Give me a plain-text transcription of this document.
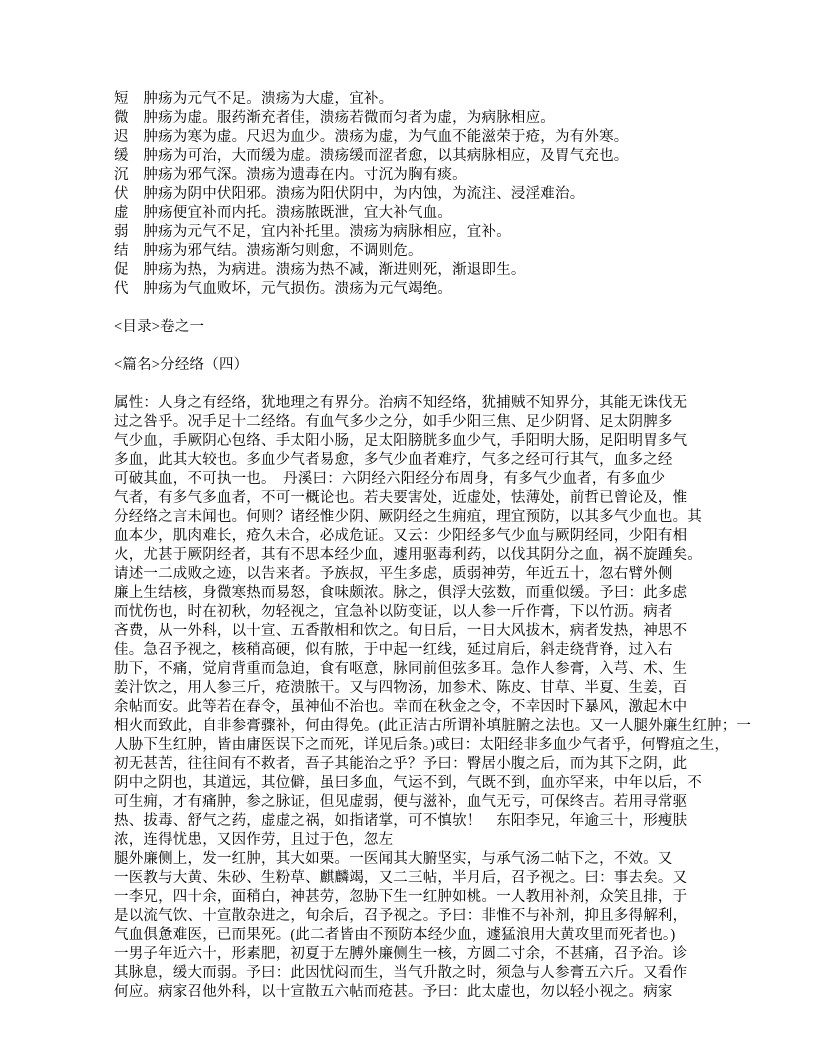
短　肿疡为元气不足。溃疡为大虚，宜补。
微　肿疡为虚。服药渐充者佳，溃疡若微而匀者为虚，为病脉相应。
迟　肿疡为寒为虚。尺迟为血少。溃疡为虚，为气血不能滋荣于疮，为有外寒。
缓　肿疡为可治，大而缓为虚。溃疡缓而涩者愈，以其病脉相应，及胃气充也。
沉　肿疡为邪气深。溃疡为遗毒在内。寸沉为胸有痰。
伏　肿疡为阴中伏阳邪。溃疡为阳伏阴中，为内蚀，为流注、浸淫难治。
虚　肿疡便宜补而内托。溃疡脓既泄，宜大补气血。
弱　肿疡为元气不足，宜内补托里。溃疡为病脉相应，宜补。
结　肿疡为邪气结。溃疡渐匀则愈，不调则危。
促　肿疡为热，为病进。溃疡为热不减，渐进则死，渐退即生。
代　肿疡为气血败坏，元气损伤。溃疡为元气竭绝。
<目录>卷之一
<篇名>分经络（四）
属性：人身之有经络，犹地理之有界分。治病不知经络，犹捕贼不知界分，其能无诛伐无
过之咎乎。况手足十二经络。有血气多少之分，如手少阳三焦、足少阴肾、足太阴脾多
气少血，手厥阴心包络、手太阳小肠，足太阳膀胱多血少气，手阳明大肠，足阳明胃多气
多血，此其大较也。多血少气者易愈，多气少血者难疗，气多之经可行其气，血多之经
可破其血，不可执一也。　丹溪曰：六阴经六阳经分布周身，有多气少血者，有多血少
气者，有多气多血者，不可一概论也。若夫要害处，近虚处，怯薄处，前哲已曾论及，惟
分经络之言未闻也。何则？诸经惟少阴、厥阴经之生痈疽，理宜预防，以其多气少血也。其
血本少，肌肉难长，疮久未合，必成危证。又云：少阳经多气少血与厥阴经同，少阳有相
火，尤甚于厥阴经者，其有不思本经少血，遽用驱毒利药，以伐其阴分之血，祸不旋踵矣。
请述一二成败之迹，以告来者。予族叔，平生多虑，质弱神劳，年近五十，忽右臂外侧
廉上生结核，身微寒热而易怒，食味颇浓。脉之，俱浮大弦数，而重似缓。予曰：此多虑
而忧伤也，时在初秋，勿轻视之，宜急补以防变证，以人参一斤作膏，下以竹沥。病者
吝费，从一外科，以十宣、五香散相和饮之。旬日后，一日大风拔木，病者发热，神思不
佳。急召予视之，核稍高硬，似有脓，于中起一红线，延过肩后，斜走绕背脊，过入右
肋下，不痛，觉肩背重而急迫，食有呕意，脉同前但弦多耳。急作人参膏，入芎、术、生
姜汁饮之，用人参三斤，疮溃脓干。又与四物汤，加参术、陈皮、甘草、半夏、生姜，百
余帖而安。此等若在春令，虽神仙不治也。幸而在秋金之令，不幸因时下暴风，激起木中
相火而致此，自非参膏骤补，何由得免。(此正洁古所谓补填脏腑之法也。又一人腿外廉生红肿；一
人胁下生红肿，皆由庸医误下之而死，详见后条。)或曰：太阳经非多血少气者乎，何臀疽之生，
初无甚苦，往往间有不救者，吾子其能治之乎？予曰：臀居小腹之后，而为其下之阴，此
阴中之阴也，其道远，其位僻，虽曰多血，气运不到，气既不到，血亦罕来，中年以后，不
可生痈，才有痛肿，参之脉证，但见虚弱，便与滋补，血气无亏，可保终吉。若用寻常驱
热、拔毒、舒气之药，虚虚之祸，如指诸掌，可不慎欤！　东阳李兄，年逾三十，形瘦肤
浓，连得忧患，又因作劳，且过于色，忽左
腿外廉侧上，发一红肿，其大如栗。一医闻其大腑坚实，与承气汤二帖下之，不效。又
一医教与大黄、朱砂、生粉草、麒麟竭，又二三帖，半月后，召予视之。曰：事去矣。又
一李兄，四十余，面稍白，神甚劳，忽胁下生一红肿如桃。一人教用补剂，众笑且排，于
是以流气饮、十宣散杂进之，旬余后，召予视之。予曰：非惟不与补剂，抑且多得解利，
气血俱惫难医，已而果死。(此二者皆由不预防本经少血，遽猛浪用大黄攻里而死者也。)
一男子年近六十，形素肥，初夏于左膊外廉侧生一核，方圆二寸余，不甚痛，召予治。诊
其脉息，缓大而弱。予曰：此因忧闷而生，当气升散之时，须急与人参膏五六斤。又看作
何应。病家召他外科，以十宣散五六帖而疮甚。予曰：此太虚也，勿以轻小视之。病家
